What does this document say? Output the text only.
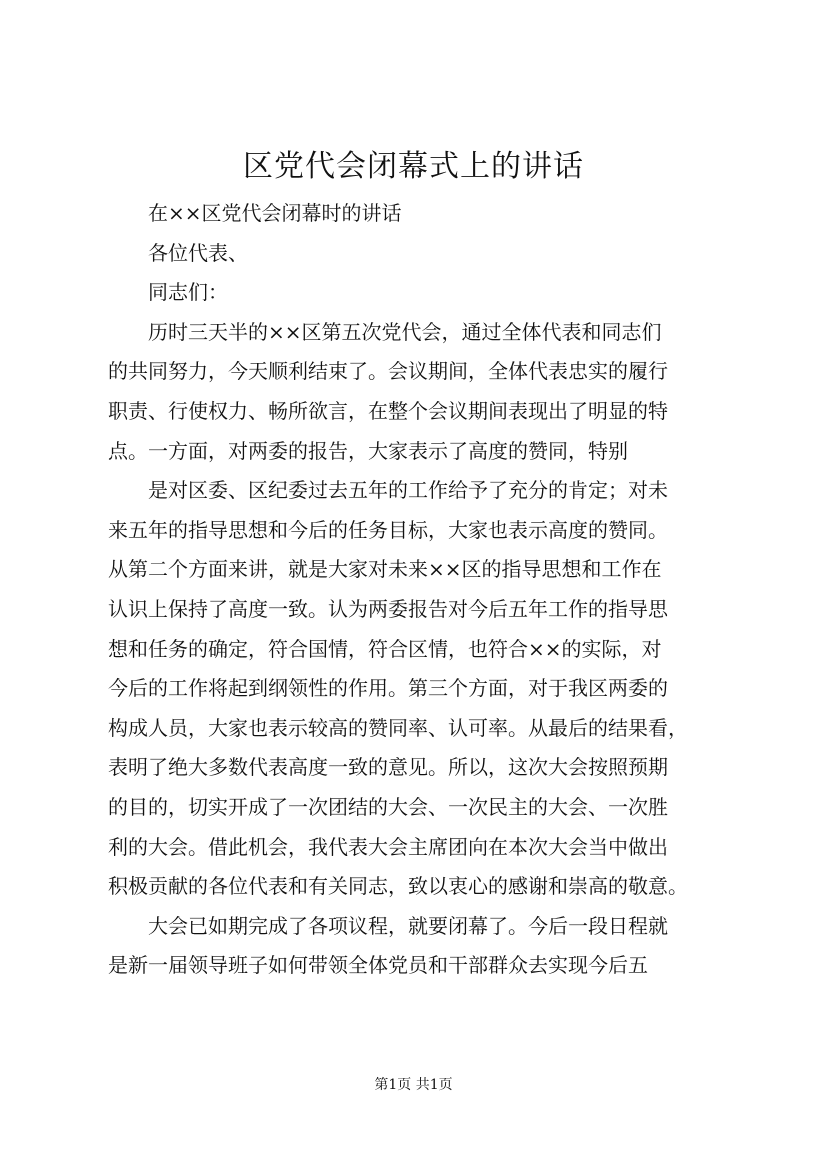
区党代会闭幕式上的讲话
在××区党代会闭幕时的讲话
各位代表、
同志们：
历时三天半的××区第五次党代会，通过全体代表和同志们
的共同努力，今天顺利结束了。会议期间，全体代表忠实的履行
职责、行使权力、畅所欲言，在整个会议期间表现出了明显的特
点。一方面，对两委的报告，大家表示了高度的赞同，特别
是对区委、区纪委过去五年的工作给予了充分的肯定；对未
来五年的指导思想和今后的任务目标，大家也表示高度的赞同。
从第二个方面来讲，就是大家对未来××区的指导思想和工作在
认识上保持了高度一致。认为两委报告对今后五年工作的指导思
想和任务的确定，符合国情，符合区情，也符合××的实际，对
今后的工作将起到纲领性的作用。第三个方面，对于我区两委的
构成人员，大家也表示较高的赞同率、认可率。从最后的结果看，
表明了绝大多数代表高度一致的意见。所以，这次大会按照预期
的目的，切实开成了一次团结的大会、一次民主的大会、一次胜
利的大会。借此机会，我代表大会主席团向在本次大会当中做出
积极贡献的各位代表和有关同志，致以衷心的感谢和崇高的敬意。
大会已如期完成了各项议程，就要闭幕了。今后一段日程就
是新一届领导班子如何带领全体党员和干部群众去实现今后五
第1页 共1页
